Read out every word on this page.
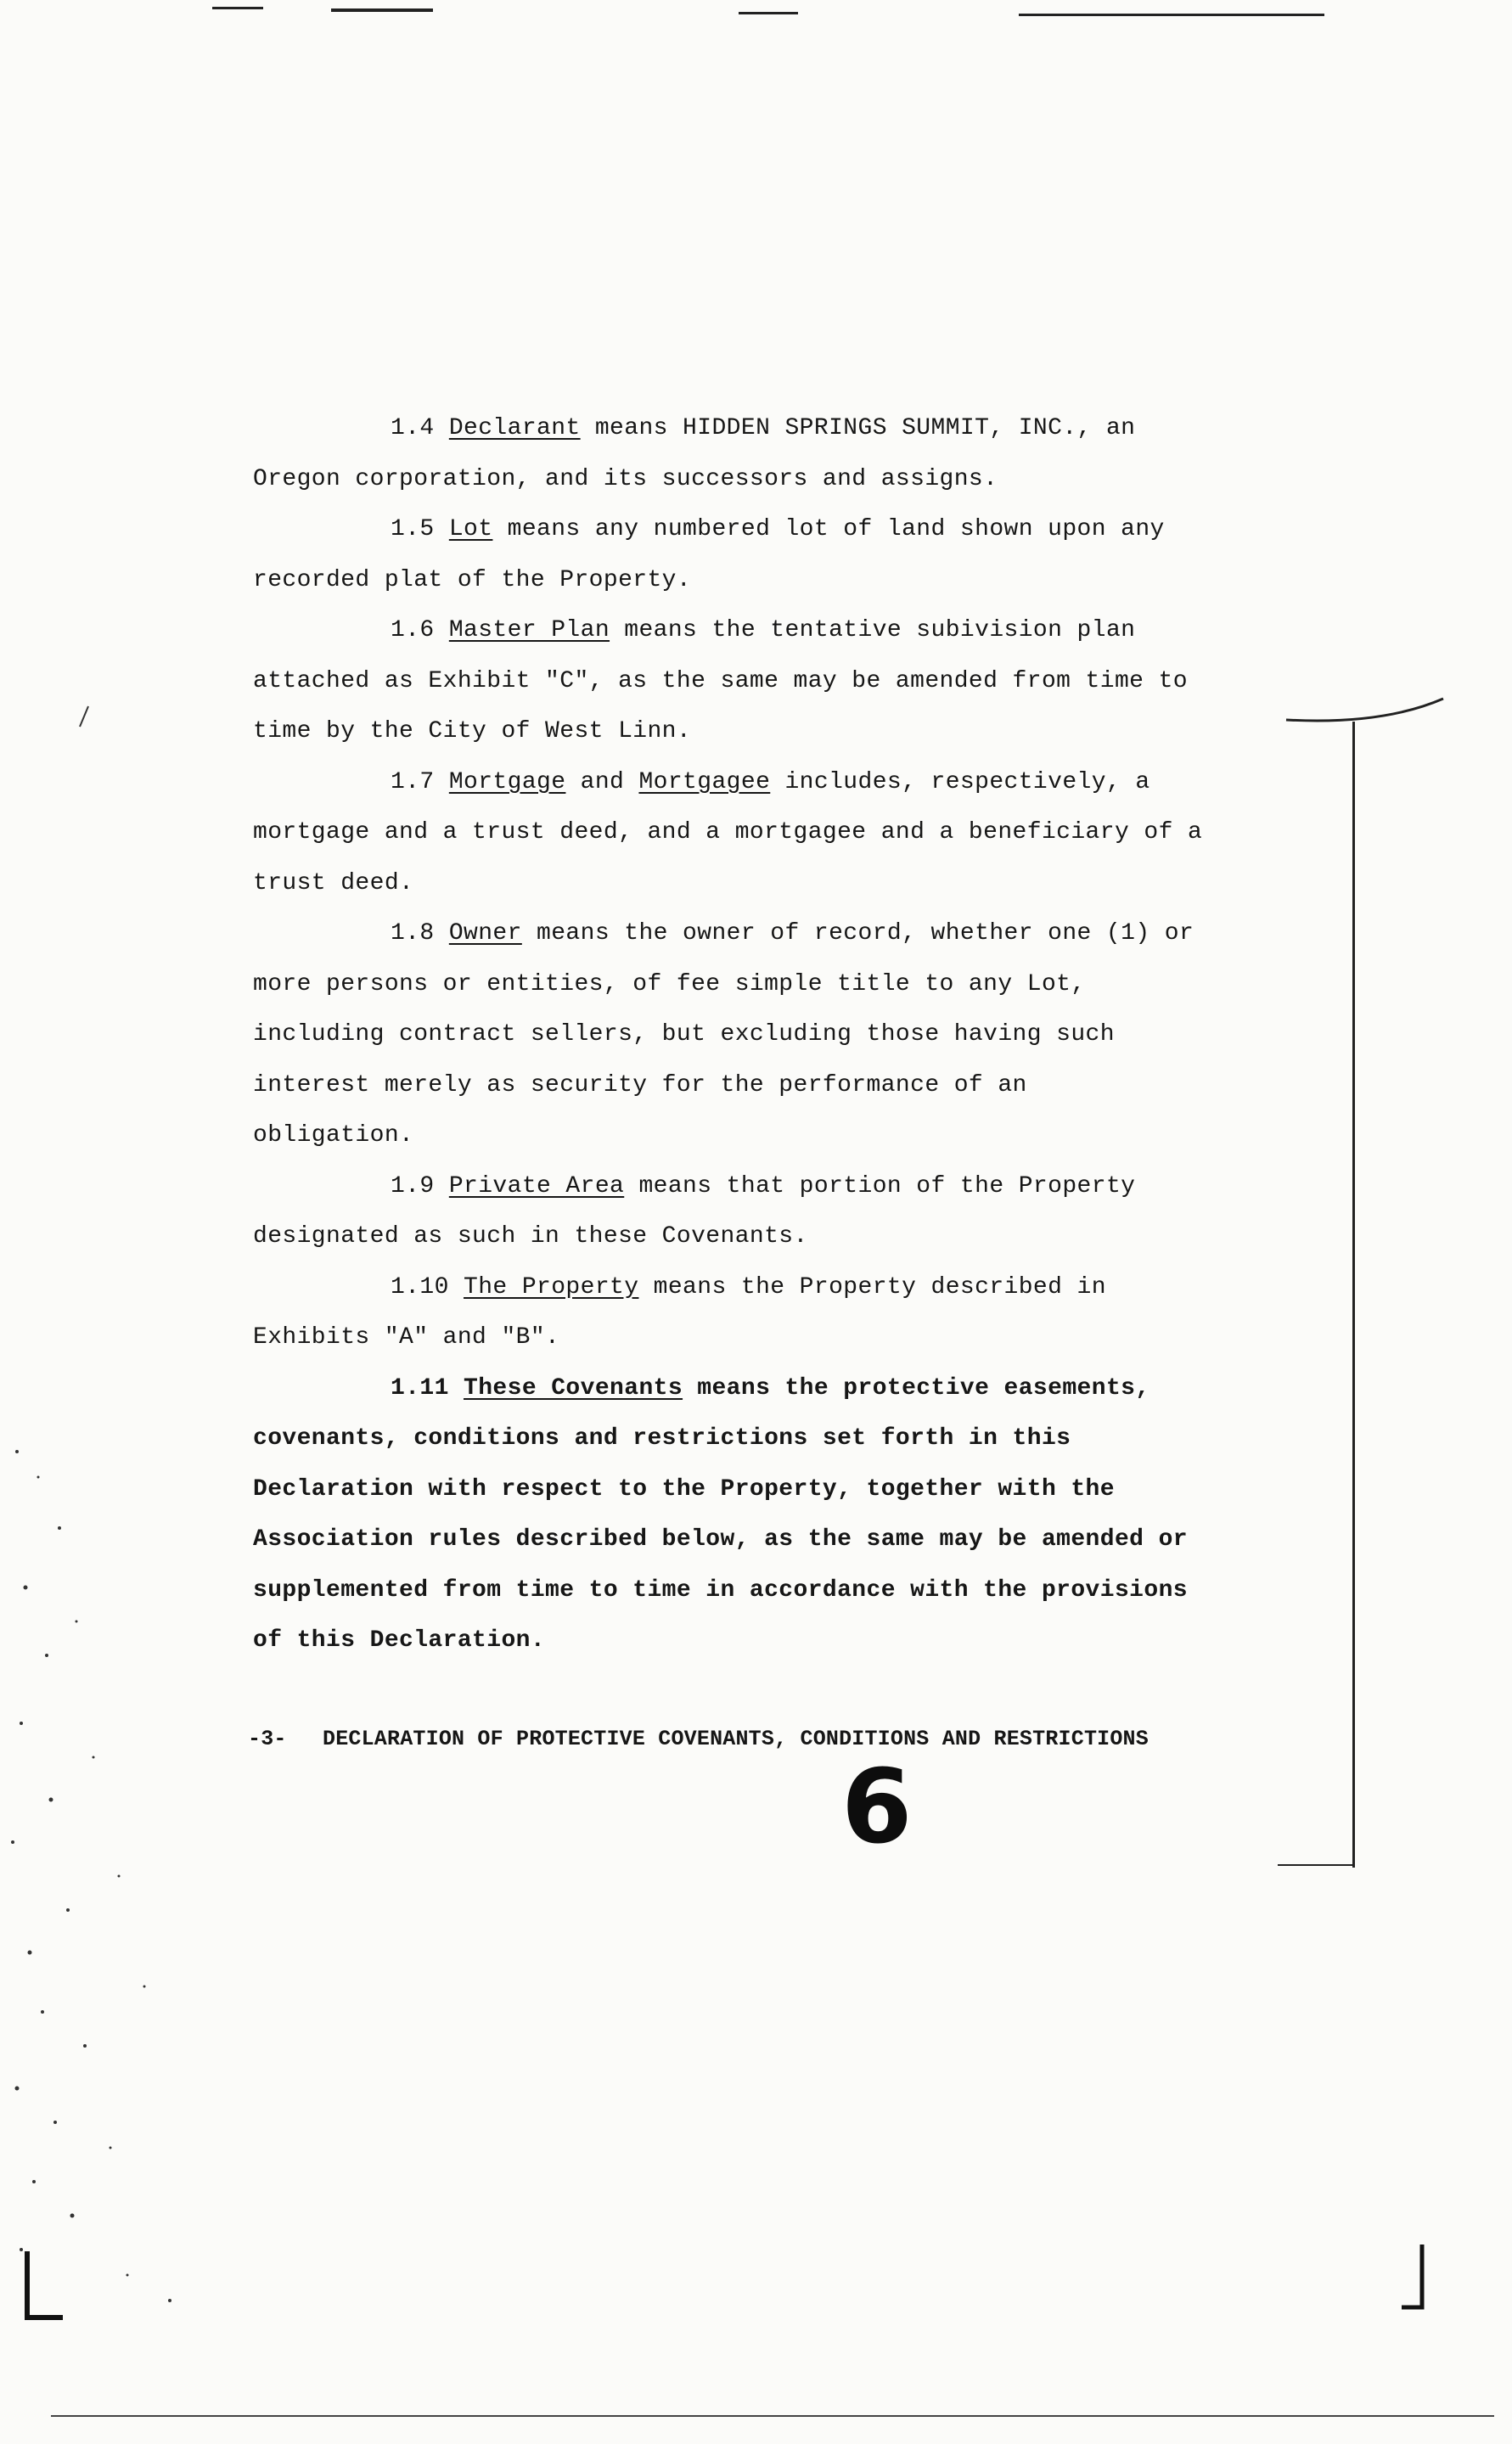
1.4 Declarant means HIDDEN SPRINGS SUMMIT, INC., an
Oregon corporation, and its successors and assigns.

1.5 Lot means any numbered lot of land shown upon any
recorded plat of the Property.

1.6 Master Plan means the tentative subivision plan
attached as Exhibit "C", as the same may be amended from time to
time by the City of West Linn.

1.7 Mortgage and Mortgagee includes, respectively, a
mortgage and a trust deed, and a mortgagee and a beneficiary of a
trust deed.

1.8 Owner means the owner of record, whether one (1) or
more persons or entities, of fee simple title to any Lot,
including contract sellers, but excluding those having such
interest merely as security for the performance of an
obligation.

1.9 Private Area means that portion of the Property
designated as such in these Covenants.

1.10 The Property means the Property described in
Exhibits "A" and "B".

1.11 These Covenants means the protective easements,
covenants, conditions and restrictions set forth in this
Declaration with respect to the Property, together with the
Association rules described below, as the same may be amended or
supplemented from time to time in accordance with the provisions
of this Declaration.

-3- DECLARATION OF PROTECTIVE COVENANTS, CONDITIONS AND RESTRICTIONS
6
